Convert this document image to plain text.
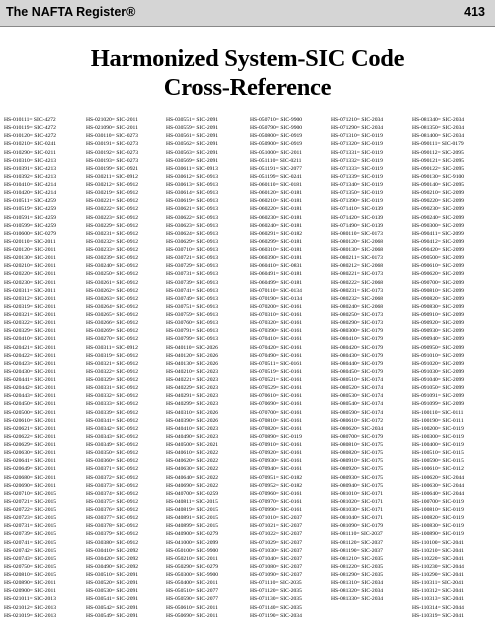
The NAFTA Register®	413
Harmonized System-SIC Code
Cross-Reference
HS-010111= SIC-4272
HS-010119= SIC-4272
HS-010120= SIC-4272
HS-010210= SIC-0241
HS-010290= SIC-0211
HS-010310= SIC-4213
HS-010391= SIC-4213
HS-010392= SIC-4213
HS-010410= SIC-4214
HS-010420= SIC-4214
HS-010511= SIC-4259
HS-010519= SIC-4259
HS-010591= SIC-4259
HS-010599= SIC-4259
HS-010600= SIC-0279
HS-020110= SIC-2011
HS-020120= SIC-2011
HS-020130= SIC-2011
HS-020210= SIC-2011
HS-020220= SIC-2011
HS-020230= SIC-2011
HS-020311= SIC-2011
HS-020312= SIC-2011
HS-020319= SIC-2011
HS-020321= SIC-2011
HS-020322= SIC-2011
HS-020329= SIC-2011
HS-020410= SIC-2011
HS-020421= SIC-2011
HS-020422= SIC-2011
HS-020423= SIC-2011
HS-020430= SIC-2011
HS-020441= SIC-2011
HS-020442= SIC-2011
HS-020443= SIC-2011
HS-020450= SIC-2011
HS-020500= SIC-2011
HS-020610= SIC-2011
HS-020621= SIC-2011
HS-020622= SIC-2011
HS-020629= SIC-2011
HS-020630= SIC-2011
HS-020641= SIC-2011
HS-020649= SIC-2011
HS-020680= SIC-2011
HS-020690= SIC-2011
HS-020710= SIC-2015
HS-020721= SIC-2015
HS-020722= SIC-2015
HS-020723= SIC-2015
HS-020731= SIC-2015
HS-020739= SIC-2015
HS-020741= SIC-2015
HS-020742= SIC-2015
HS-020743= SIC-2015
HS-020750= SIC-2015
HS-020810= SIC-2015
HS-020890= SIC-2011
HS-020900= SIC-2011
HS-021011= SIC-2013
HS-021012= SIC-2013
HS-021019= SIC-2013
HS-021020= SIC-2011
HS-021090= SIC-2011
HS-030110= SIC-0273
HS-030191= SIC-0273
HS-030192= SIC-0273
HS-030193= SIC-0273
HS-030199= SIC-0921
HS-030211= SIC-0912
HS-030212= SIC-0912
HS-030219= SIC-0912
HS-030221= SIC-0912
HS-030222= SIC-0912
HS-030223= SIC-0912
HS-030229= SIC-0912
HS-030231= SIC-0912
HS-030232= SIC-0912
HS-030233= SIC-0912
HS-030239= SIC-0912
HS-030240= SIC-0912
HS-030250= SIC-0912
HS-030261= SIC-0912
HS-030262= SIC-0912
HS-030263= SIC-0912
HS-030264= SIC-0912
HS-030265= SIC-0912
HS-030266= SIC-0912
HS-030269= SIC-0912
HS-030270= SIC-0912
HS-030311= SIC-0912
HS-030319= SIC-0912
HS-030321= SIC-0912
HS-030322= SIC-0912
HS-030329= SIC-0912
HS-030331= SIC-0912
HS-030332= SIC-0912
HS-030333= SIC-0912
HS-030339= SIC-0912
HS-030341= SIC-0912
HS-030342= SIC-0912
HS-030343= SIC-0912
HS-030349= SIC-0912
HS-030350= SIC-0912
HS-030360= SIC-0912
HS-030371= SIC-0912
HS-030372= SIC-0912
HS-030373= SIC-0912
HS-030374= SIC-0912
HS-030375= SIC-0912
HS-030376= SIC-0912
HS-030377= SIC-0912
HS-030378= SIC-0912
HS-030379= SIC-0912
HS-030380= SIC-0912
HS-030410= SIC-2092
HS-030420= SIC-2092
HS-030490= SIC-2092
HS-030510= SIC-2091
HS-030520= SIC-2091
HS-030530= SIC-2091
HS-030541= SIC-2091
HS-030542= SIC-2091
HS-030549= SIC-2091
HS-030551= SIC-2091
HS-030559= SIC-2091
HS-030561= SIC-2091
HS-030562= SIC-2091
HS-030563= SIC-2091
HS-030569= SIC-2091
HS-030611= SIC-0913
HS-030612= SIC-0913
HS-030613= SIC-0913
HS-030614= SIC-0913
HS-030619= SIC-0913
HS-030621= SIC-0913
HS-030622= SIC-0913
HS-030623= SIC-0913
HS-030624= SIC-0913
HS-030629= SIC-0913
HS-030710= SIC-0913
HS-030721= SIC-0913
HS-030729= SIC-0913
HS-030731= SIC-0913
HS-030739= SIC-0913
HS-030741= SIC-0913
HS-030749= SIC-0913
HS-030751= SIC-0913
HS-030759= SIC-0913
HS-030760= SIC-0913
HS-030791= SIC-0913
HS-030799= SIC-0913
HS-040110= SIC-2026
HS-040120= SIC-2026
HS-040130= SIC-2026
HS-040210= SIC-2023
HS-040221= SIC-2023
HS-040229= SIC-2023
HS-040291= SIC-2023
HS-040299= SIC-2023
HS-040310= SIC-2026
HS-040390= SIC-2026
HS-040410= SIC-2023
HS-040490= SIC-2023
HS-040500= SIC-2021
HS-040610= SIC-2022
HS-040620= SIC-2022
HS-040630= SIC-2022
HS-040640= SIC-2022
HS-040690= SIC-2022
HS-040700= SIC-0259
HS-040811= SIC-2015
HS-040819= SIC-2015
HS-040891= SIC-2015
HS-040899= SIC-2015
HS-040900= SIC-0279
HS-041000= SIC-2099
HS-050100= SIC-9900
HS-050210= SIC-2011
HS-050290= SIC-0279
HS-050300= SIC-9900
HS-050400= SIC-2011
HS-050510= SIC-2077
HS-050590= SIC-2077
HS-050610= SIC-2011
HS-050690= SIC-2011
HS-050710= SIC-9900
HS-050790= SIC-9900
HS-050800= SIC-0919
HS-050900= SIC-0919
HS-051000= SIC-2011
HS-051110= SIC-0211
HS-051191= SIC-2077
HS-051199= SIC-0241
HS-060110= SIC-0181
HS-060120= SIC-0181
HS-060210= SIC-0181
HS-060220= SIC-0181
HS-060230= SIC-0181
HS-060240= SIC-0181
HS-060291= SIC-0182
HS-060299= SIC-0181
HS-060310= SIC-0181
HS-060390= SIC-0181
HS-060410= SIC-0831
HS-060491= SIC-0181
HS-060499= SIC-0181
HS-070110= SIC-0134
HS-070190= SIC-0134
HS-070200= SIC-0161
HS-070310= SIC-0161
HS-070320= SIC-0161
HS-070390= SIC-0161
HS-070410= SIC-0161
HS-070420= SIC-0161
HS-070490= SIC-0161
HS-070511= SIC-0161
HS-070519= SIC-0161
HS-070521= SIC-0161
HS-070529= SIC-0161
HS-070610= SIC-0161
HS-070690= SIC-0161
HS-070700= SIC-0161
HS-070810= SIC-0161
HS-070820= SIC-0161
HS-070890= SIC-0119
HS-070910= SIC-0161
HS-070920= SIC-0161
HS-070930= SIC-0161
HS-070940= SIC-0161
HS-070951= SIC-0182
HS-070952= SIC-0182
HS-070960= SIC-0161
HS-070970= SIC-0161
HS-070990= SIC-0161
HS-071010= SIC-2037
HS-071021= SIC-2037
HS-071022= SIC-2037
HS-071029= SIC-2037
HS-071030= SIC-2037
HS-071040= SIC-2037
HS-071080= SIC-2037
HS-071090= SIC-2037
HS-071110= SIC-2035
HS-071120= SIC-2035
HS-071130= SIC-2035
HS-071140= SIC-2035
HS-071190= SIC-2034
HS-071210= SIC-2034
HS-071290= SIC-2034
HS-071310= SIC-0119
HS-071320= SIC-0119
HS-071331= SIC-0119
HS-071332= SIC-0119
HS-071333= SIC-0119
HS-071339= SIC-0119
HS-071340= SIC-0119
HS-071350= SIC-0119
HS-071390= SIC-0119
HS-071410= SIC-0139
HS-071420= SIC-0139
HS-071490= SIC-0139
HS-080110= SIC-0173
HS-080120= SIC-2068
HS-080130= SIC-2068
HS-080211= SIC-0173
HS-080212= SIC-2068
HS-080221= SIC-0173
HS-080222= SIC-2068
HS-080231= SIC-0173
HS-080232= SIC-2068
HS-080240= SIC-2068
HS-080250= SIC-0173
HS-080290= SIC-0173
HS-080300= SIC-0179
HS-080410= SIC-0179
HS-080420= SIC-0179
HS-080430= SIC-0179
HS-080440= SIC-0179
HS-080450= SIC-0179
HS-080510= SIC-0174
HS-080520= SIC-0174
HS-080530= SIC-0174
HS-080540= SIC-0174
HS-080590= SIC-0174
HS-080610= SIC-0172
HS-080620= SIC-2034
HS-080700= SIC-0179
HS-080810= SIC-0175
HS-080820= SIC-0175
HS-080910= SIC-0175
HS-080920= SIC-0175
HS-080930= SIC-0175
HS-080940= SIC-0175
HS-081010= SIC-0171
HS-081020= SIC-0171
HS-081030= SIC-0171
HS-081040= SIC-0171
HS-081090= SIC-0179
HS-081110= SIC-2037
HS-081120= SIC-2037
HS-081190= SIC-2037
HS-081210= SIC-2035
HS-081220= SIC-2035
HS-081290= SIC-2035
HS-081310= SIC-2034
HS-081320= SIC-2034
HS-081330= SIC-2034
HS-081340= SIC-2034
HS-081350= SIC-2034
HS-081400= SIC-2034
HS-090111= SIC-0179
HS-090112= SIC-2095
HS-090121= SIC-2095
HS-090122= SIC-2095
HS-090130= SIC-9100
HS-090140= SIC-2095
HS-090210= SIC-2099
HS-090220= SIC-2099
HS-090230= SIC-2099
HS-090240= SIC-2099
HS-090300= SIC-2099
HS-090411= SIC-2099
HS-090412= SIC-2099
HS-090420= SIC-2099
HS-090500= SIC-2099
HS-090610= SIC-2099
HS-090620= SIC-2099
HS-090700= SIC-2099
HS-090810= SIC-2099
HS-090820= SIC-2099
HS-090830= SIC-2099
HS-090910= SIC-2099
HS-090920= SIC-2099
HS-090930= SIC-2099
HS-090940= SIC-2099
HS-090950= SIC-2099
HS-091010= SIC-2099
HS-091020= SIC-2099
HS-091030= SIC-2099
HS-091040= SIC-2099
HS-091050= SIC-2099
HS-091091= SIC-2099
HS-091099= SIC-2099
HS-100110= SIC-0111
HS-100190= SIC-0111
HS-100200= SIC-0119
HS-100300= SIC-0119
HS-100400= SIC-0119
HS-100510= SIC-0115
HS-100590= SIC-0115
HS-100610= SIC-0112
HS-100620= SIC-2044
HS-100630= SIC-2044
HS-100640= SIC-2044
HS-100700= SIC-0119
HS-100810= SIC-0119
HS-100820= SIC-0119
HS-100830= SIC-0119
HS-100890= SIC-0119
HS-110100= SIC-2041
HS-110210= SIC-2041
HS-110220= SIC-2041
HS-110230= SIC-2044
HS-110290= SIC-2041
HS-110311= SIC-2041
HS-110312= SIC-2041
HS-110313= SIC-2041
HS-110314= SIC-2044
HS-110319= SIC-2041
